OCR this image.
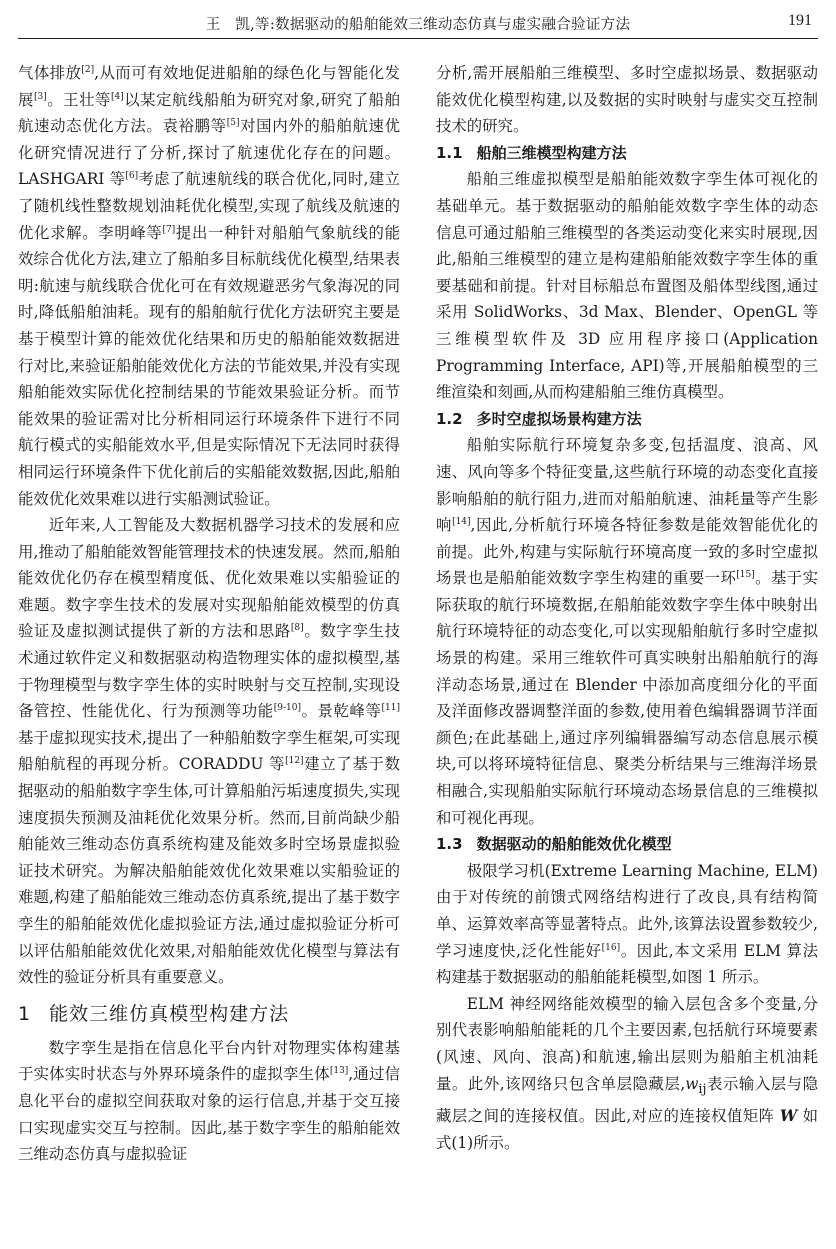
王　凯,等:数据驱动的船舶能效三维动态仿真与虚实融合验证方法	191

气体排放[2],从而可有效地促进船舶的绿色化与智能化发展[3]。王壮等[4]以某定航线船舶为研究对象,研究了船舶航速动态优化方法。袁裕鹏等[5]对国内外的船舶航速优化研究情况进行了分析,探讨了航速优化存在的问题。LASHGARI 等[6]考虑了航速航线的联合优化,同时,建立了随机线性整数规划油耗优化模型,实现了航线及航速的优化求解。李明峰等[7]提出一种针对船舶气象航线的能效综合优化方法,建立了船舶多目标航线优化模型,结果表明:航速与航线联合优化可在有效规避恶劣气象海况的同时,降低船舶油耗。现有的船舶航行优化方法研究主要是基于模型计算的能效优化结果和历史的船舶能效数据进行对比,来验证船舶能效优化方法的节能效果,并没有实现船舶能效实际优化控制结果的节能效果验证分析。而节能效果的验证需对比分析相同运行环境条件下进行不同航行模式的实船能效水平,但是实际情况下无法同时获得相同运行环境条件下优化前后的实船能效数据,因此,船舶能效优化效果难以进行实船测试验证。

近年来,人工智能及大数据机器学习技术的发展和应用,推动了船舶能效智能管理技术的快速发展。然而,船舶能效优化仍存在模型精度低、优化效果难以实船验证的难题。数字孪生技术的发展对实现船舶能效模型的仿真验证及虚拟测试提供了新的方法和思路[8]。数字孪生技术通过软件定义和数据驱动构造物理实体的虚拟模型,基于物理模型与数字孪生体的实时映射与交互控制,实现设备管控、性能优化、行为预测等功能[9-10]。景乾峰等[11]基于虚拟现实技术,提出了一种船舶数字孪生框架,可实现船舶航程的再现分析。CORADDU 等[12]建立了基于数据驱动的船舶数字孪生体,可计算船舶污垢速度损失,实现速度损失预测及油耗优化效果分析。然而,目前尚缺少船舶能效三维动态仿真系统构建及能效多时空场景虚拟验证技术研究。为解决船舶能效优化效果难以实船验证的难题,构建了船舶能效三维动态仿真系统,提出了基于数字孪生的船舶能效优化虚拟验证方法,通过虚拟验证分析可以评估船舶能效优化效果,对船舶能效优化模型与算法有效性的验证分析具有重要意义。

1 能效三维仿真模型构建方法

数字孪生是指在信息化平台内针对物理实体构建基于实体实时状态与外界环境条件的虚拟孪生体[13],通过信息化平台的虚拟空间获取对象的运行信息,并基于交互接口实现虚实交互与控制。因此,基于数字孪生的船舶能效三维动态仿真与虚拟验证

分析,需开展船舶三维模型、多时空虚拟场景、数据驱动能效优化模型构建,以及数据的实时映射与虚实交互控制技术的研究。

1.1 船舶三维模型构建方法

船舶三维虚拟模型是船舶能效数字孪生体可视化的基础单元。基于数据驱动的船舶能效数字孪生体的动态信息可通过船舶三维模型的各类运动变化来实时展现,因此,船舶三维模型的建立是构建船舶能效数字孪生体的重要基础和前提。针对目标船总布置图及船体型线图,通过采用 SolidWorks、3d Max、Blender、OpenGL 等三维模型软件及 3D 应用程序接口(Application Programming Interface, API)等,开展船舶模型的三维渲染和刻画,从而构建船舶三维仿真模型。

1.2 多时空虚拟场景构建方法

船舶实际航行环境复杂多变,包括温度、浪高、风速、风向等多个特征变量,这些航行环境的动态变化直接影响船舶的航行阻力,进而对船舶航速、油耗量等产生影响[14],因此,分析航行环境各特征参数是能效智能优化的前提。此外,构建与实际航行环境高度一致的多时空虚拟场景也是船舶能效数字孪生构建的重要一环[15]。基于实际获取的航行环境数据,在船舶能效数字孪生体中映射出航行环境特征的动态变化,可以实现船舶航行多时空虚拟场景的构建。采用三维软件可真实映射出船舶航行的海洋动态场景,通过在 Blender 中添加高度细分化的平面及洋面修改器调整洋面的参数,使用着色编辑器调节洋面颜色;在此基础上,通过序列编辑器编写动态信息展示模块,可以将环境特征信息、聚类分析结果与三维海洋场景相融合,实现船舶实际航行环境动态场景信息的三维模拟和可视化再现。

1.3 数据驱动的船舶能效优化模型

极限学习机(Extreme Learning Machine, ELM)由于对传统的前馈式网络结构进行了改良,具有结构简单、运算效率高等显著特点。此外,该算法设置参数较少,学习速度快,泛化性能好[16]。因此,本文采用 ELM 算法构建基于数据驱动的船舶能耗模型,如图 1 所示。

ELM 神经网络能效模型的输入层包含多个变量,分别代表影响船舶能耗的几个主要因素,包括航行环境要素(风速、风向、浪高)和航速,输出层则为船舶主机油耗量。此外,该网络只包含单层隐藏层$,w_{ij}$表示输入层与隐藏层之间的连接权值。因此,对应的连接权值矩阵 W 如式(1)所示。
